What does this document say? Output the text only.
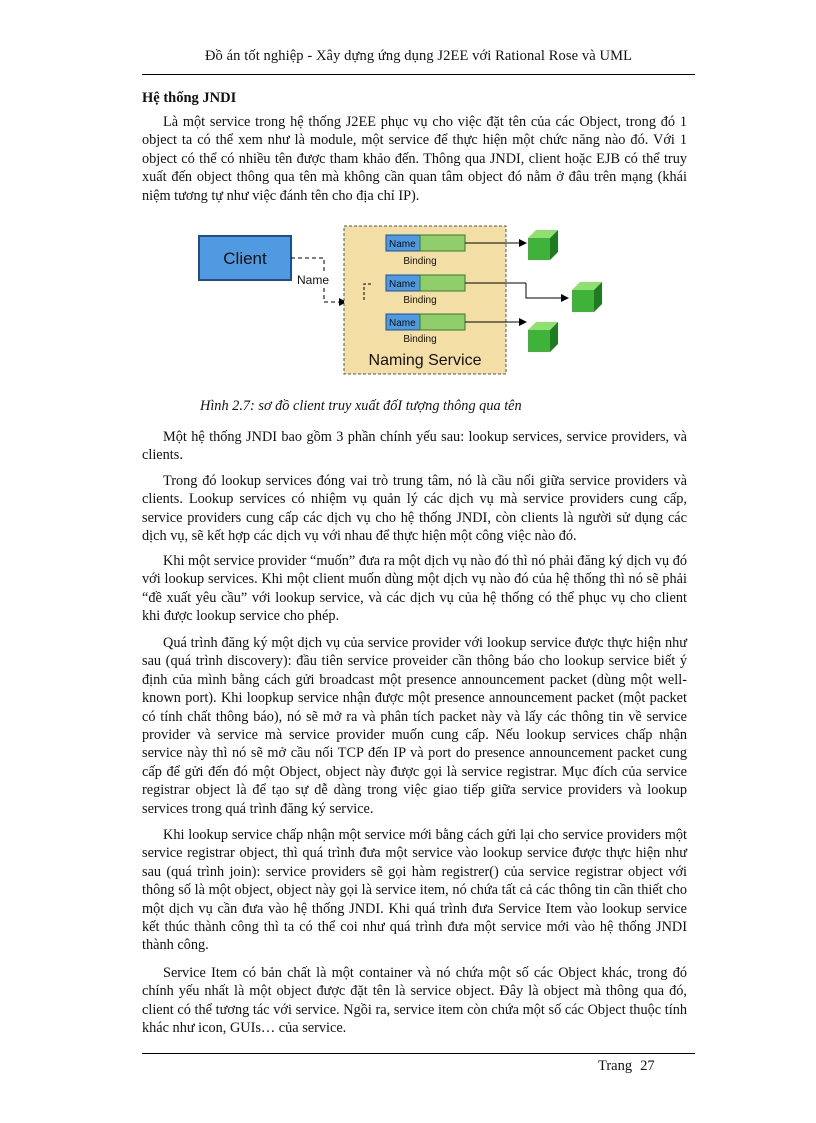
Đồ án tốt nghiệp - Xây dựng ứng dụng J2EE với Rational Rose và UML
Hệ thống JNDI

Là một service trong hệ thống J2EE phục vụ cho việc đặt tên của các Object, trong đó 1 object ta có thể xem như là module, một service để thực hiện một chức năng nào đó. Với 1 object có thể có nhiều tên được tham khảo đến. Thông qua JNDI, client hoặc EJB có thể truy xuất đến object thông qua tên mà không cần quan tâm object đó nằm ở đâu trên mạng (khái niệm tương tự như việc đánh tên cho địa chỉ IP).

Client
Name
Naming Service
Name
Binding
Name
Binding
Name
Binding
Hình 2.7: sơ đồ client truy xuất đốI tượng thông qua tên

Một hệ thống JNDI bao gồm 3 phần chính yếu sau: lookup services, service providers, và clients.

Trong đó lookup services đóng vai trò trung tâm, nó là cầu nối giữa service providers và clients. Lookup services có nhiệm vụ quản lý các dịch vụ mà service providers cung cấp, service providers cung cấp các dịch vụ cho hệ thống JNDI, còn clients là người sử dụng các dịch vụ, sẽ kết hợp các dịch vụ với nhau để thực hiện một công việc nào đó.

Khi một service provider “muốn” đưa ra một dịch vụ nào đó thì nó phải đăng ký dịch vụ đó với lookup services. Khi một client muốn dùng một dịch vụ nào đó của hệ thống thì nó sẽ phải “đề xuất yêu cầu” với lookup service, và các dịch vụ của hệ thống có thể phục vụ cho client khi được lookup service cho phép.

Quá trình đăng ký một dịch vụ của service provider với lookup service được thực hiện như sau (quá trình discovery): đầu tiên service proveider cần thông báo cho lookup service biết ý định của mình bằng cách gửi broadcast một presence announcement packet (dùng một well-known port). Khi loopkup service nhận được một presence announcement packet (một packet có tính chất thông báo), nó sẽ mở ra và phân tích packet này và lấy các thông tin về service provider và service mà service provider muốn cung cấp. Nếu lookup services chấp nhận service này thì nó sẽ mở cầu nối TCP đến IP và port do presence announcement packet cung cấp để gửi đến đó một Object, object này được gọi là service registrar. Mục đích của service registrar object là để tạo sự dễ dàng trong việc giao tiếp giữa service providers và lookup services trong quá trình đăng ký service.

Khi lookup service chấp nhận một service mới bằng cách gửi lại cho service providers một service registrar object, thì quá trình đưa một service vào lookup service được thực hiện như sau (quá trình join): service providers sẽ gọi hàm registrer() của service registrar object với thông số là một object, object này gọi là service item, nó chứa tất cả các thông tin cần thiết cho một dịch vụ cần đưa vào hệ thống JNDI. Khi quá trình đưa Service Item vào lookup service kết thúc thành công thì ta có thể coi như quá trình đưa một service mới vào hệ thống JNDI thành công.

Service Item có bản chất là một container và nó chứa một số các Object khác, trong đó chính yếu nhất là một object được đặt tên là service object. Đây là object mà thông qua đó, client có thể tương tác với service. Ngồi ra, service item còn chứa một số các Object thuộc tính khác như icon, GUIs… của service.

Trang 27
